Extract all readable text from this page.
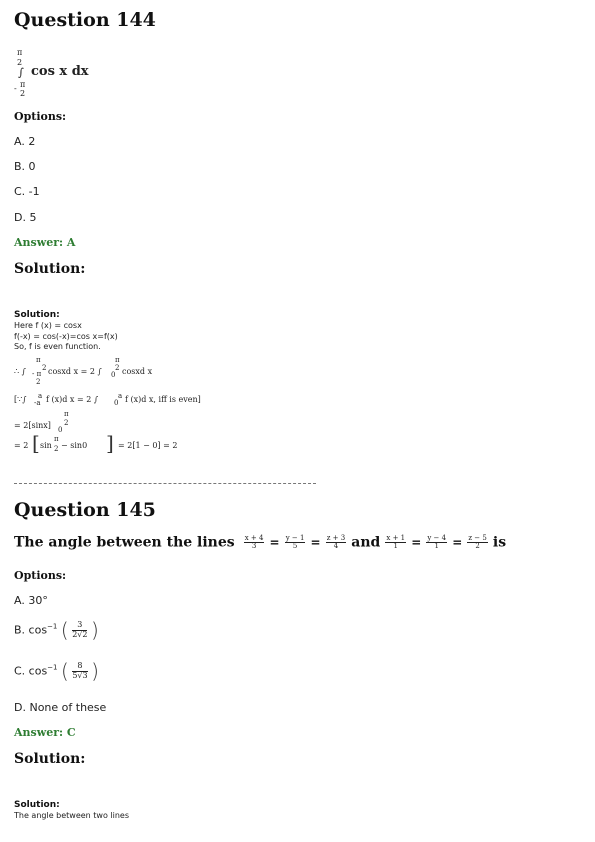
Question 144
π
2
∫ cos x dx
- π
2
Options:
A. 2
B. 0
C. -1
D. 5
Answer: A
Solution:
Solution:
Here f (x) = cosx
f(-x) = cos(-x)=cos x=f(x)
So, f is even function.
π
∴ ∫ - π
2
2 cosxd x = 2 ∫
π
0
2 cosxd x
[∵∫ -a
a f (x)d x = 2 ∫ 0
a f (x)d x, iff is even]
π
= 2[sinx] 0
2
= 2 [ sin
π
2 − sin0 ] = 2[1 − 0] = 2
Question 145
The angle between the lines $\frac{x + 4}{3} = \frac{y - 1}{5} = \frac{z + 3}{4}$ and $\frac{x + 1}{1} = \frac{y - 4}{1} = \frac{z - 5}{2}$ is
Options:
A. 30°
B. $\cos^{-1}$ ( $\frac{3}{2√2}$ )
C. $\cos^{-1}$ ( $\frac{8}{5√3}$ )
D. None of these
Answer: C
Solution:
Solution:
The angle between two lines
